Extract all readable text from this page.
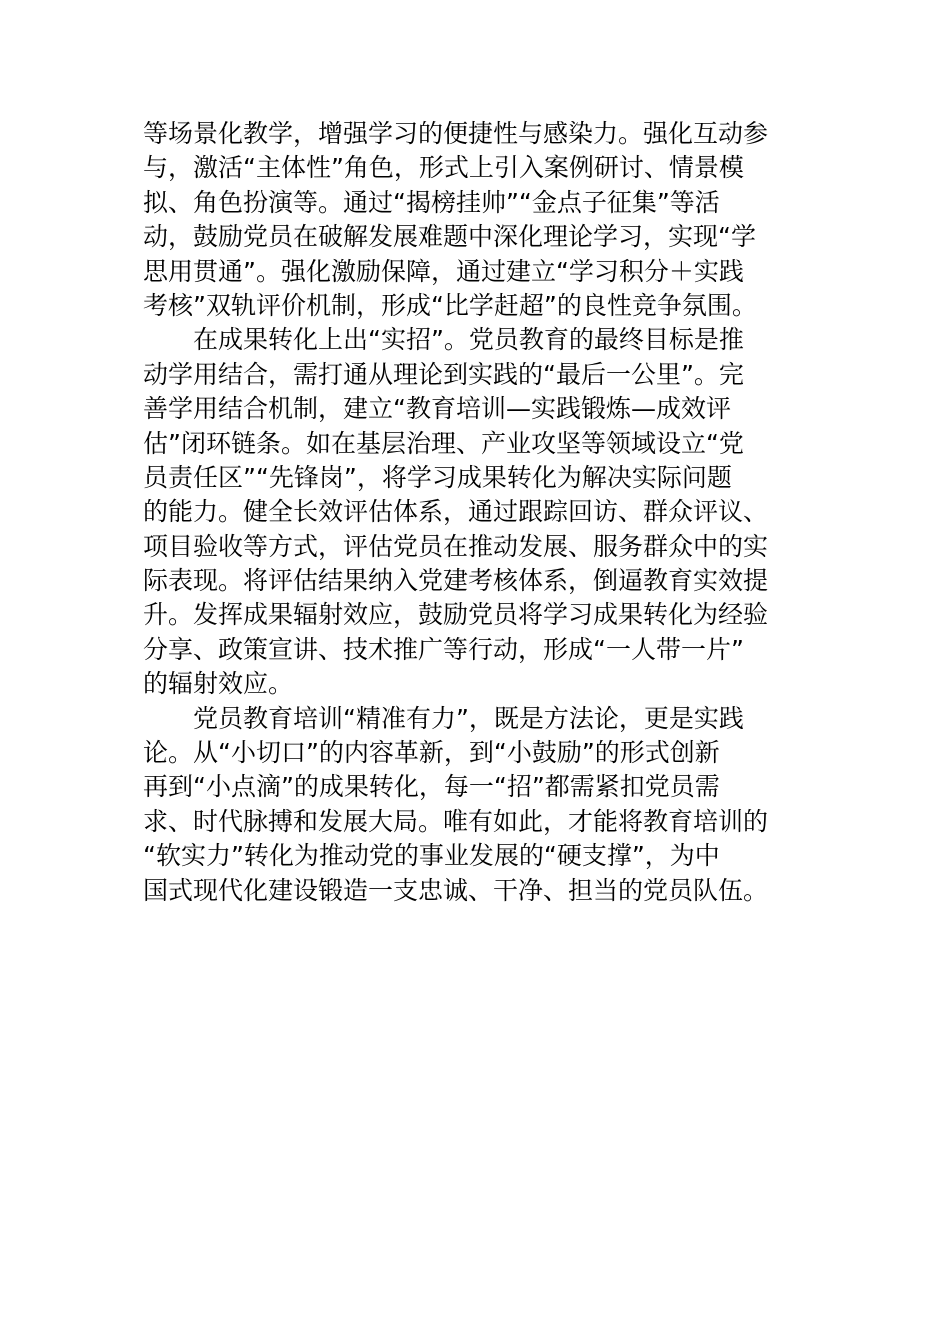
等场景化教学，增强学习的便捷性与感染力。强化互动参
与，激活“主体性”角色，形式上引入案例研讨、情景模
拟、角色扮演等。通过“揭榜挂帅”“金点子征集”等活
动，鼓励党员在破解发展难题中深化理论学习，实现“学
思用贯通”。强化激励保障，通过建立“学习积分＋实践
考核”双轨评价机制，形成“比学赶超”的良性竞争氛围。
　　在成果转化上出“实招”。党员教育的最终目标是推
动学用结合，需打通从理论到实践的“最后一公里”。完
善学用结合机制，建立“教育培训—实践锻炼—成效评
估”闭环链条。如在基层治理、产业攻坚等领域设立“党
员责任区”“先锋岗”，将学习成果转化为解决实际问题
的能力。健全长效评估体系，通过跟踪回访、群众评议、
项目验收等方式，评估党员在推动发展、服务群众中的实
际表现。将评估结果纳入党建考核体系，倒逼教育实效提
升。发挥成果辐射效应，鼓励党员将学习成果转化为经验
分享、政策宣讲、技术推广等行动，形成“一人带一片”
的辐射效应。
　　党员教育培训“精准有力”，既是方法论，更是实践
论。从“小切口”的内容革新，到“小鼓励”的形式创新
再到“小点滴”的成果转化，每一“招”都需紧扣党员需
求、时代脉搏和发展大局。唯有如此，才能将教育培训的
“软实力”转化为推动党的事业发展的“硬支撑”，为中
国式现代化建设锻造一支忠诚、干净、担当的党员队伍。
